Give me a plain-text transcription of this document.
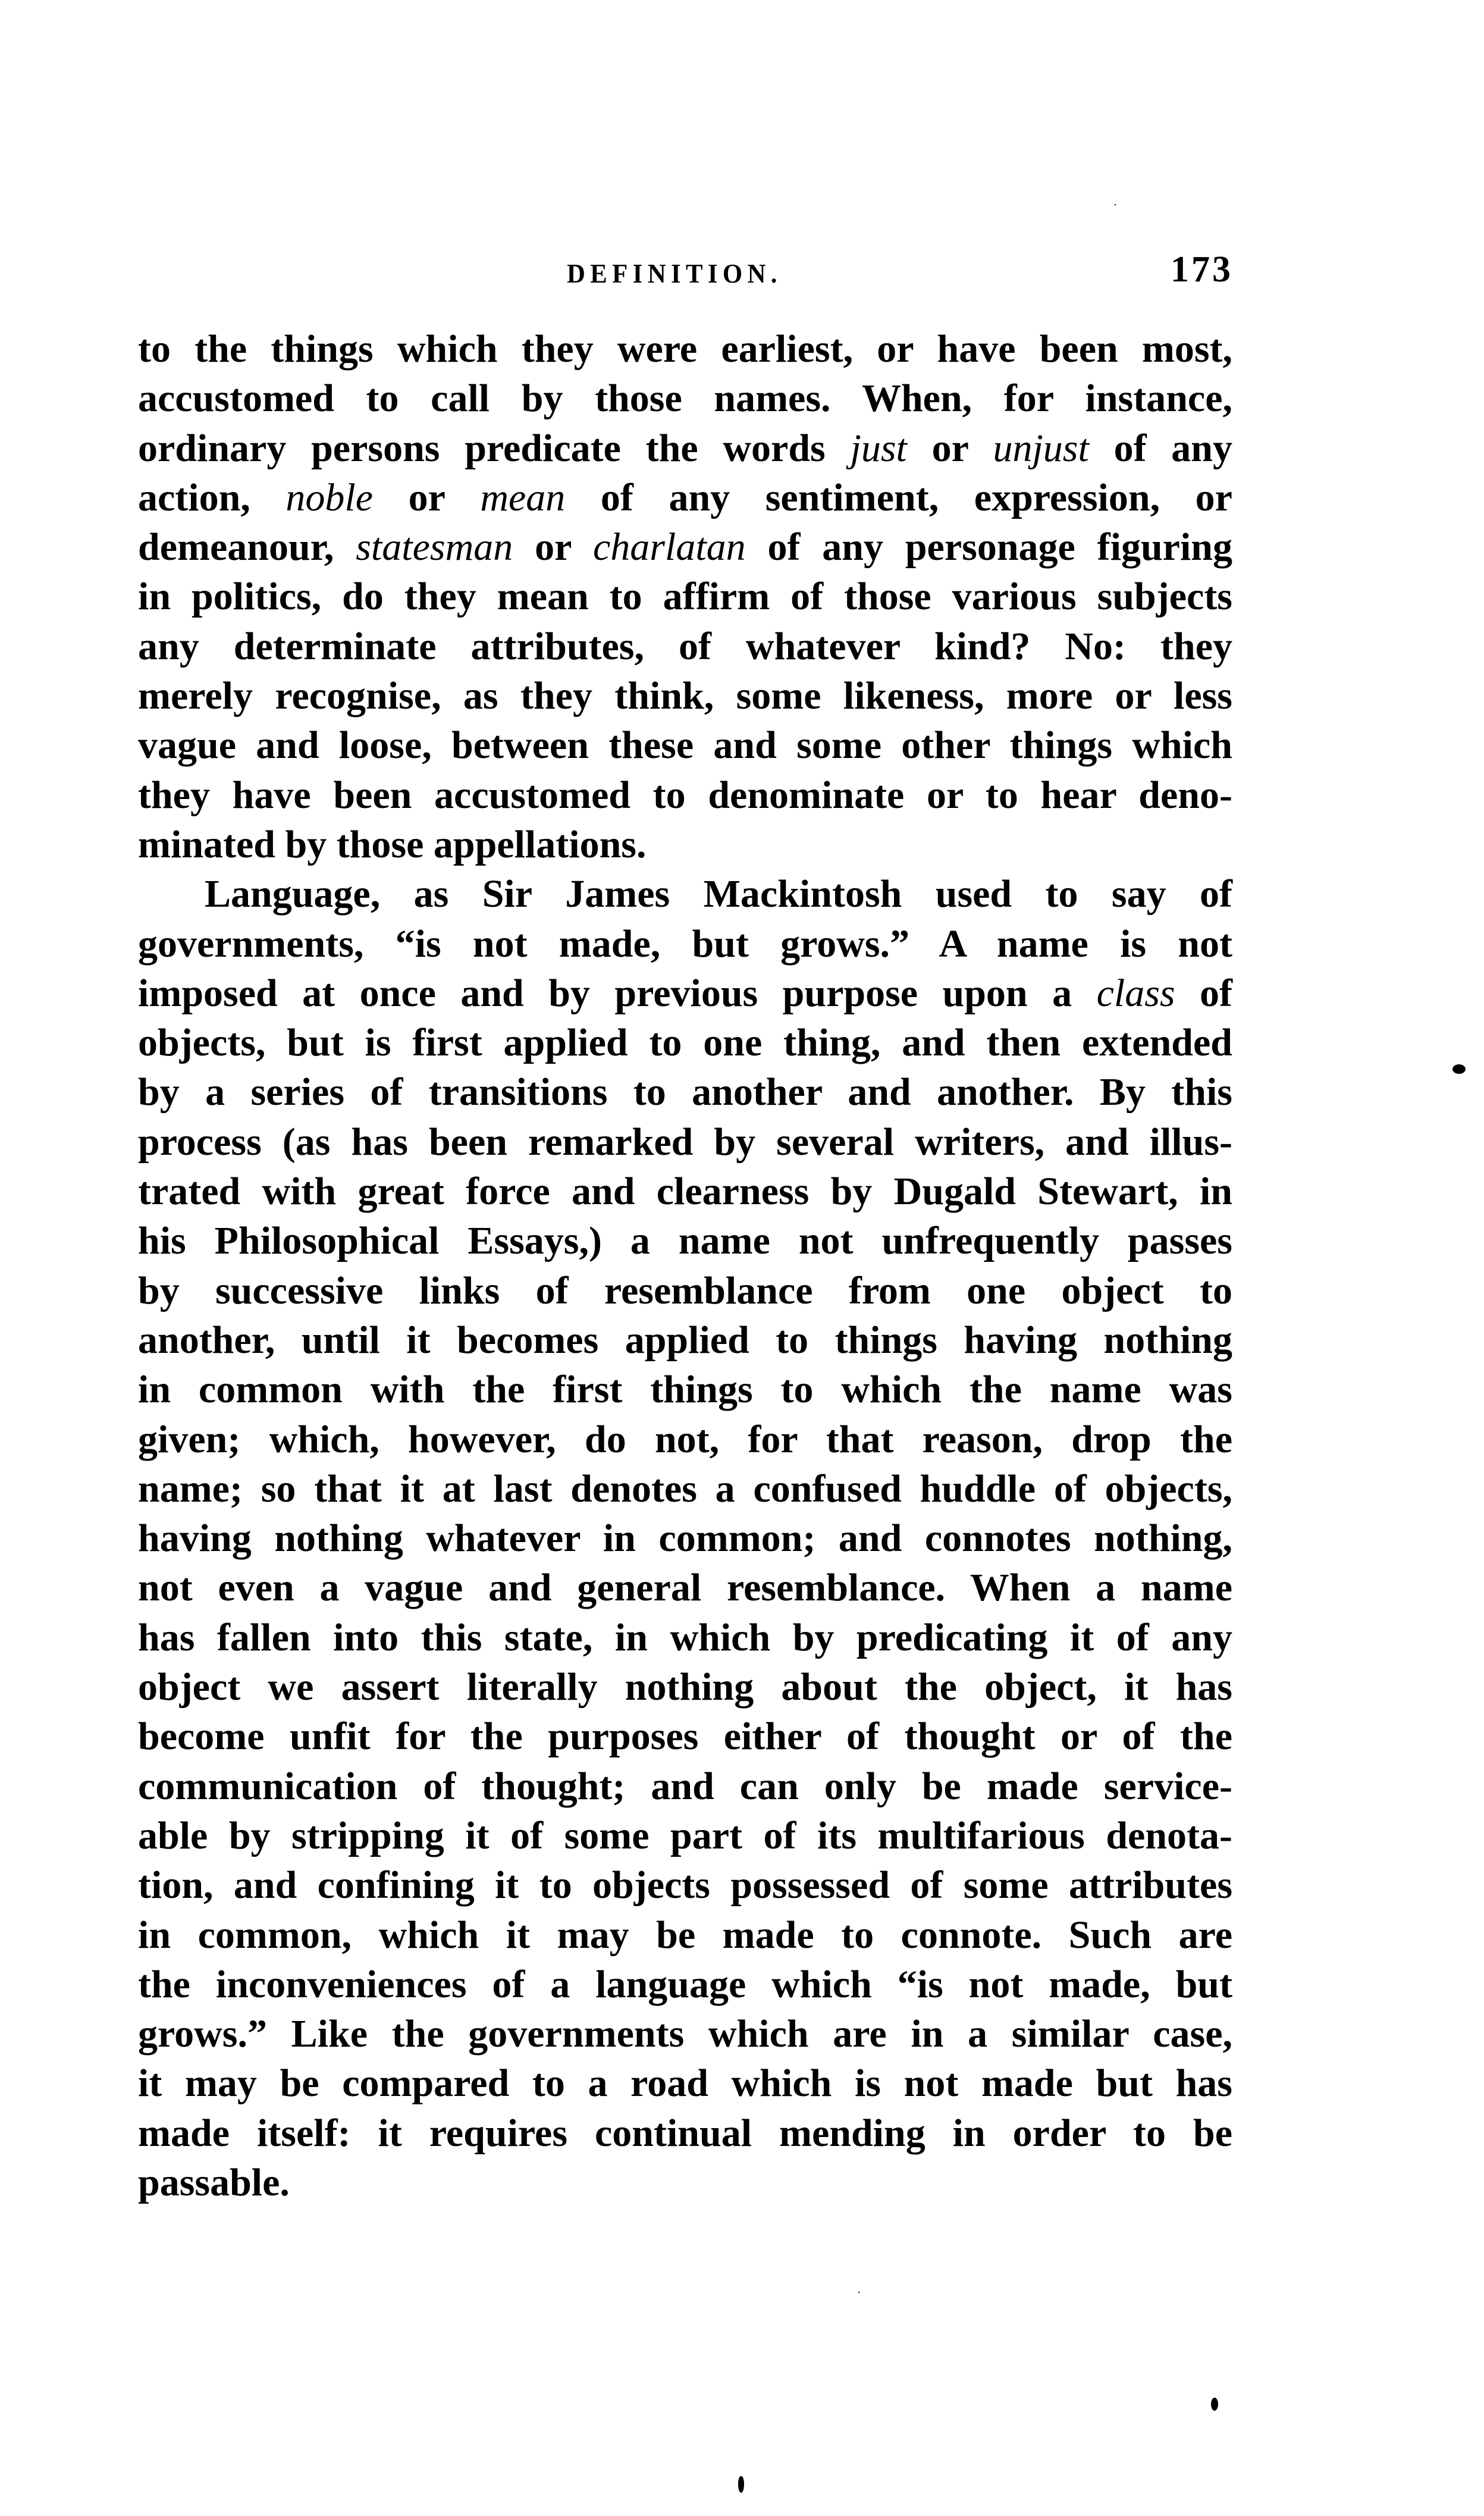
DEFINITION.	173
to the things which they were earliest, or have been most,
accustomed to call by those names. When, for instance,
ordinary persons predicate the words just or unjust of any
action, noble or mean of any sentiment, expression, or
demeanour, statesman or charlatan of any personage figuring
in politics, do they mean to affirm of those various subjects
any determinate attributes, of whatever kind? No: they
merely recognise, as they think, some likeness, more or less
vague and loose, between these and some other things which
they have been accustomed to denominate or to hear deno-
minated by those appellations.
Language, as Sir James Mackintosh used to say of
governments, “is not made, but grows.” A name is not
imposed at once and by previous purpose upon a class of
objects, but is first applied to one thing, and then extended
by a series of transitions to another and another. By this
process (as has been remarked by several writers, and illus-
trated with great force and clearness by Dugald Stewart, in
his Philosophical Essays,) a name not unfrequently passes
by successive links of resemblance from one object to
another, until it becomes applied to things having nothing
in common with the first things to which the name was
given; which, however, do not, for that reason, drop the
name; so that it at last denotes a confused huddle of objects,
having nothing whatever in common; and connotes nothing,
not even a vague and general resemblance. When a name
has fallen into this state, in which by predicating it of any
object we assert literally nothing about the object, it has
become unfit for the purposes either of thought or of the
communication of thought; and can only be made service-
able by stripping it of some part of its multifarious denota-
tion, and confining it to objects possessed of some attributes
in common, which it may be made to connote. Such are
the inconveniences of a language which “is not made, but
grows.” Like the governments which are in a similar case,
it may be compared to a road which is not made but has
made itself: it requires continual mending in order to be
passable.
